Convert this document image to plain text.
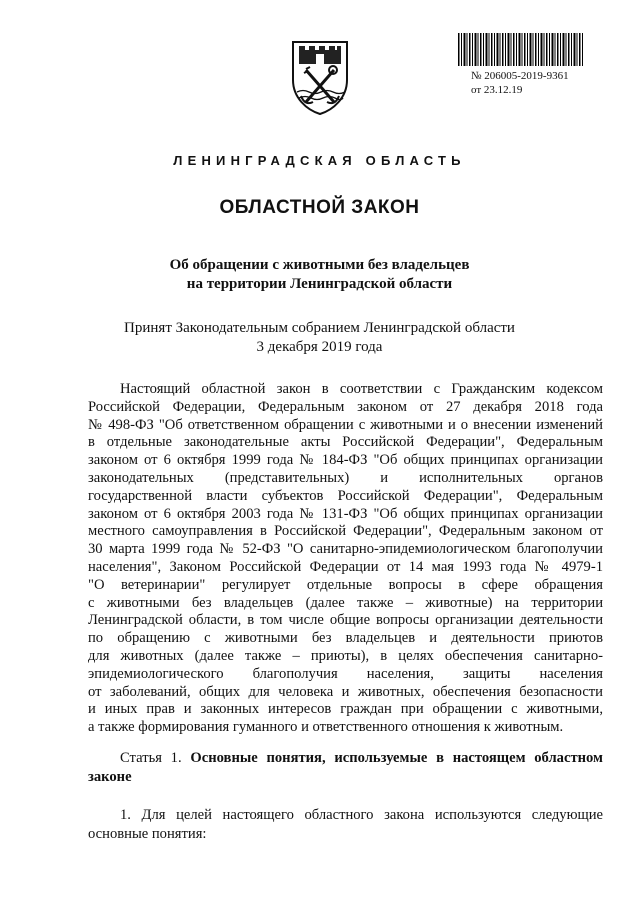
№ 206005-2019-9361
от 23.12.19
ЛЕНИНГРАДСКАЯ ОБЛАСТЬ
ОБЛАСТНОЙ ЗАКОН
Об обращении с животными без владельцев
на территории Ленинградской области
Принят Законодательным собранием Ленинградской области
3 декабря 2019 года
Настоящий областной закон в соответствии с Гражданским кодексом
Российской Федерации, Федеральным законом от 27 декабря 2018 года
№ 498-ФЗ "Об ответственном обращении с животными и о внесении изменений
в отдельные законодательные акты Российской Федерации", Федеральным
законом от 6 октября 1999 года № 184-ФЗ "Об общих принципах организации
законодательных (представительных) и исполнительных органов
государственной власти субъектов Российской Федерации", Федеральным
законом от 6 октября 2003 года № 131-ФЗ "Об общих принципах организации
местного самоуправления в Российской Федерации", Федеральным законом от
30 марта 1999 года № 52-ФЗ "О санитарно-эпидемиологическом благополучии
населения", Законом Российской Федерации от 14 мая 1993 года № 4979-1
"О ветеринарии" регулирует отдельные вопросы в сфере обращения
с животными без владельцев (далее также – животные) на территории
Ленинградской области, в том числе общие вопросы организации деятельности
по обращению с животными без владельцев и деятельности приютов
для животных (далее также – приюты), в целях обеспечения санитарно-
эпидемиологического благополучия населения, защиты населения
от заболеваний, общих для человека и животных, обеспечения безопасности
и иных прав и законных интересов граждан при обращении с животными,
а также формирования гуманного и ответственного отношения к животным.
Статья 1. Основные понятия, используемые в настоящем областном
законе
1. Для целей настоящего областного закона используются следующие
основные понятия:
